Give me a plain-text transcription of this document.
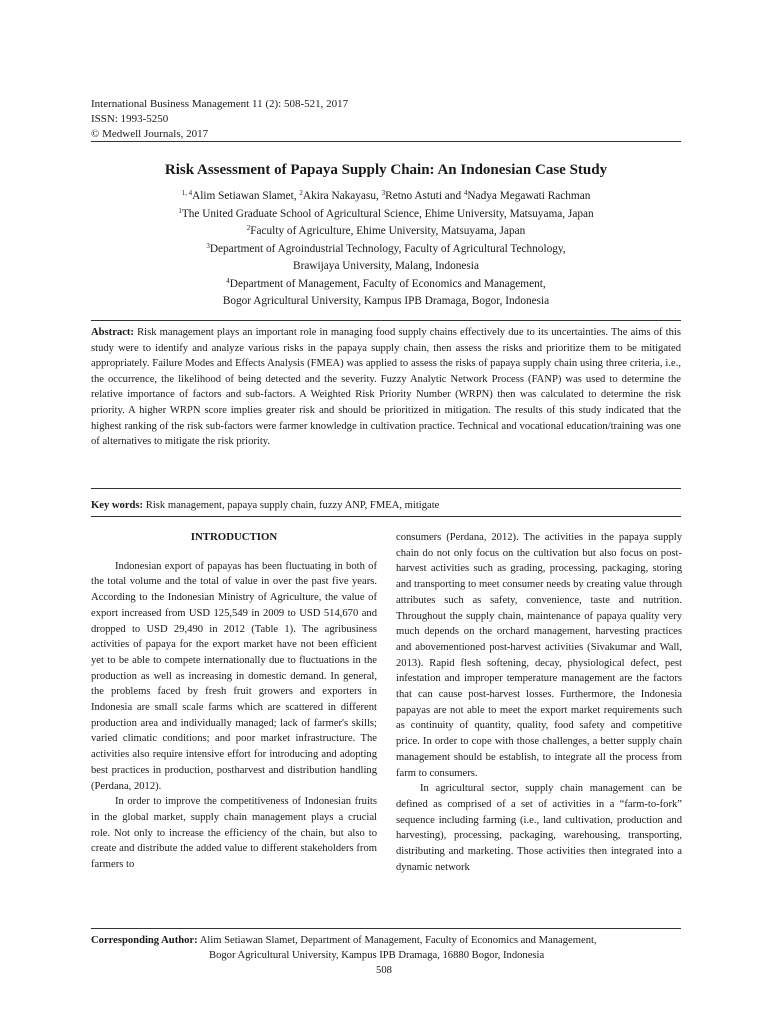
International Business Management 11 (2): 508-521, 2017
ISSN: 1993-5250
© Medwell Journals, 2017
Risk Assessment of Papaya Supply Chain: An Indonesian Case Study
$^{1, 4}$Alim Setiawan Slamet, $^2$Akira Nakayasu, $^3$Retno Astuti and $^4$Nadya Megawati Rachman
$^1$The United Graduate School of Agricultural Science, Ehime University, Matsuyama, Japan
$^2$Faculty of Agriculture, Ehime University, Matsuyama, Japan
$^3$Department of Agroindustrial Technology, Faculty of Agricultural Technology,
Brawijaya University, Malang, Indonesia
$^4$Department of Management, Faculty of Economics and Management,
Bogor Agricultural University, Kampus IPB Dramaga, Bogor, Indonesia
Abstract: Risk management plays an important role in managing food supply chains effectively due to its uncertainties. The aims of this study were to identify and analyze various risks in the papaya supply chain, then assess the risks and prioritize them to be mitigated appropriately. Failure Modes and Effects Analysis (FMEA) was applied to assess the risks of papaya supply chain using three criteria, i.e., the occurrence, the likelihood of being detected and the severity. Fuzzy Analytic Network Process (FANP) was used to determine the relative importance of factors and sub-factors. A Weighted Risk Priority Number (WRPN) then was calculated to determine the risk priority. A higher WRPN score implies greater risk and should be prioritized in mitigation. The results of this study indicated that the highest ranking of the risk sub-factors were farmer knowledge in cultivation practice. Technical and vocational education/training was one of alternatives to mitigate the risk priority.
Key words: Risk management, papaya supply chain, fuzzy ANP, FMEA, mitigate
INTRODUCTION

Indonesian export of papayas has been fluctuating in both of the total volume and the total of value in over the past five years. According to the Indonesian Ministry of Agriculture, the value of export increased from USD 125,549 in 2009 to USD 514,670 and dropped to USD 29,490 in 2012 (Table 1). The agribusiness activities of papaya for the export market have not been efficient yet to be able to compete internationally due to fluctuations in the production as well as increasing in domestic demand. In general, the problems faced by fresh fruit growers and exporters in Indonesia are small scale farms which are scattered in different production area and individually managed; lack of farmer's skills; varied climatic conditions; and poor market infrastructure. The activities also require intensive effort for introducing and adopting best practices in production, postharvest and distribution handling (Perdana, 2012).

In order to improve the competitiveness of Indonesian fruits in the global market, supply chain management plays a crucial role. Not only to increase the efficiency of the chain, but also to create and distribute the added value to different stakeholders from farmers to

consumers (Perdana, 2012). The activities in the papaya supply chain do not only focus on the cultivation but also focus on post-harvest activities such as grading, processing, packaging, storing and transporting to meet consumer needs by creating value through attributes such as safety, convenience, taste and nutrition. Throughout the supply chain, maintenance of papaya quality very much depends on the orchard management, harvesting practices and abovementioned post-harvest activities (Sivakumar and Wall, 2013). Rapid flesh softening, decay, physiological defect, pest infestation and improper temperature management are the factors that can cause post-harvest losses. Furthermore, the Indonesia papayas are not able to meet the export market requirements such as continuity of quantity, quality, food safety and competitive price. In order to cope with those challenges, a better supply chain management should be establish, to integrate all the process from farm to consumers.

In agricultural sector, supply chain management can be defined as comprised of a set of activities in a “farm-to-fork” sequence including farming (i.e., land cultivation, production and harvesting), processing, packaging, warehousing, transporting, distributing and marketing. Those activities then integrated into a dynamic network

Corresponding Author: Alim Setiawan Slamet, Department of Management, Faculty of Economics and Management,
Bogor Agricultural University, Kampus IPB Dramaga, 16880 Bogor, Indonesia
508
